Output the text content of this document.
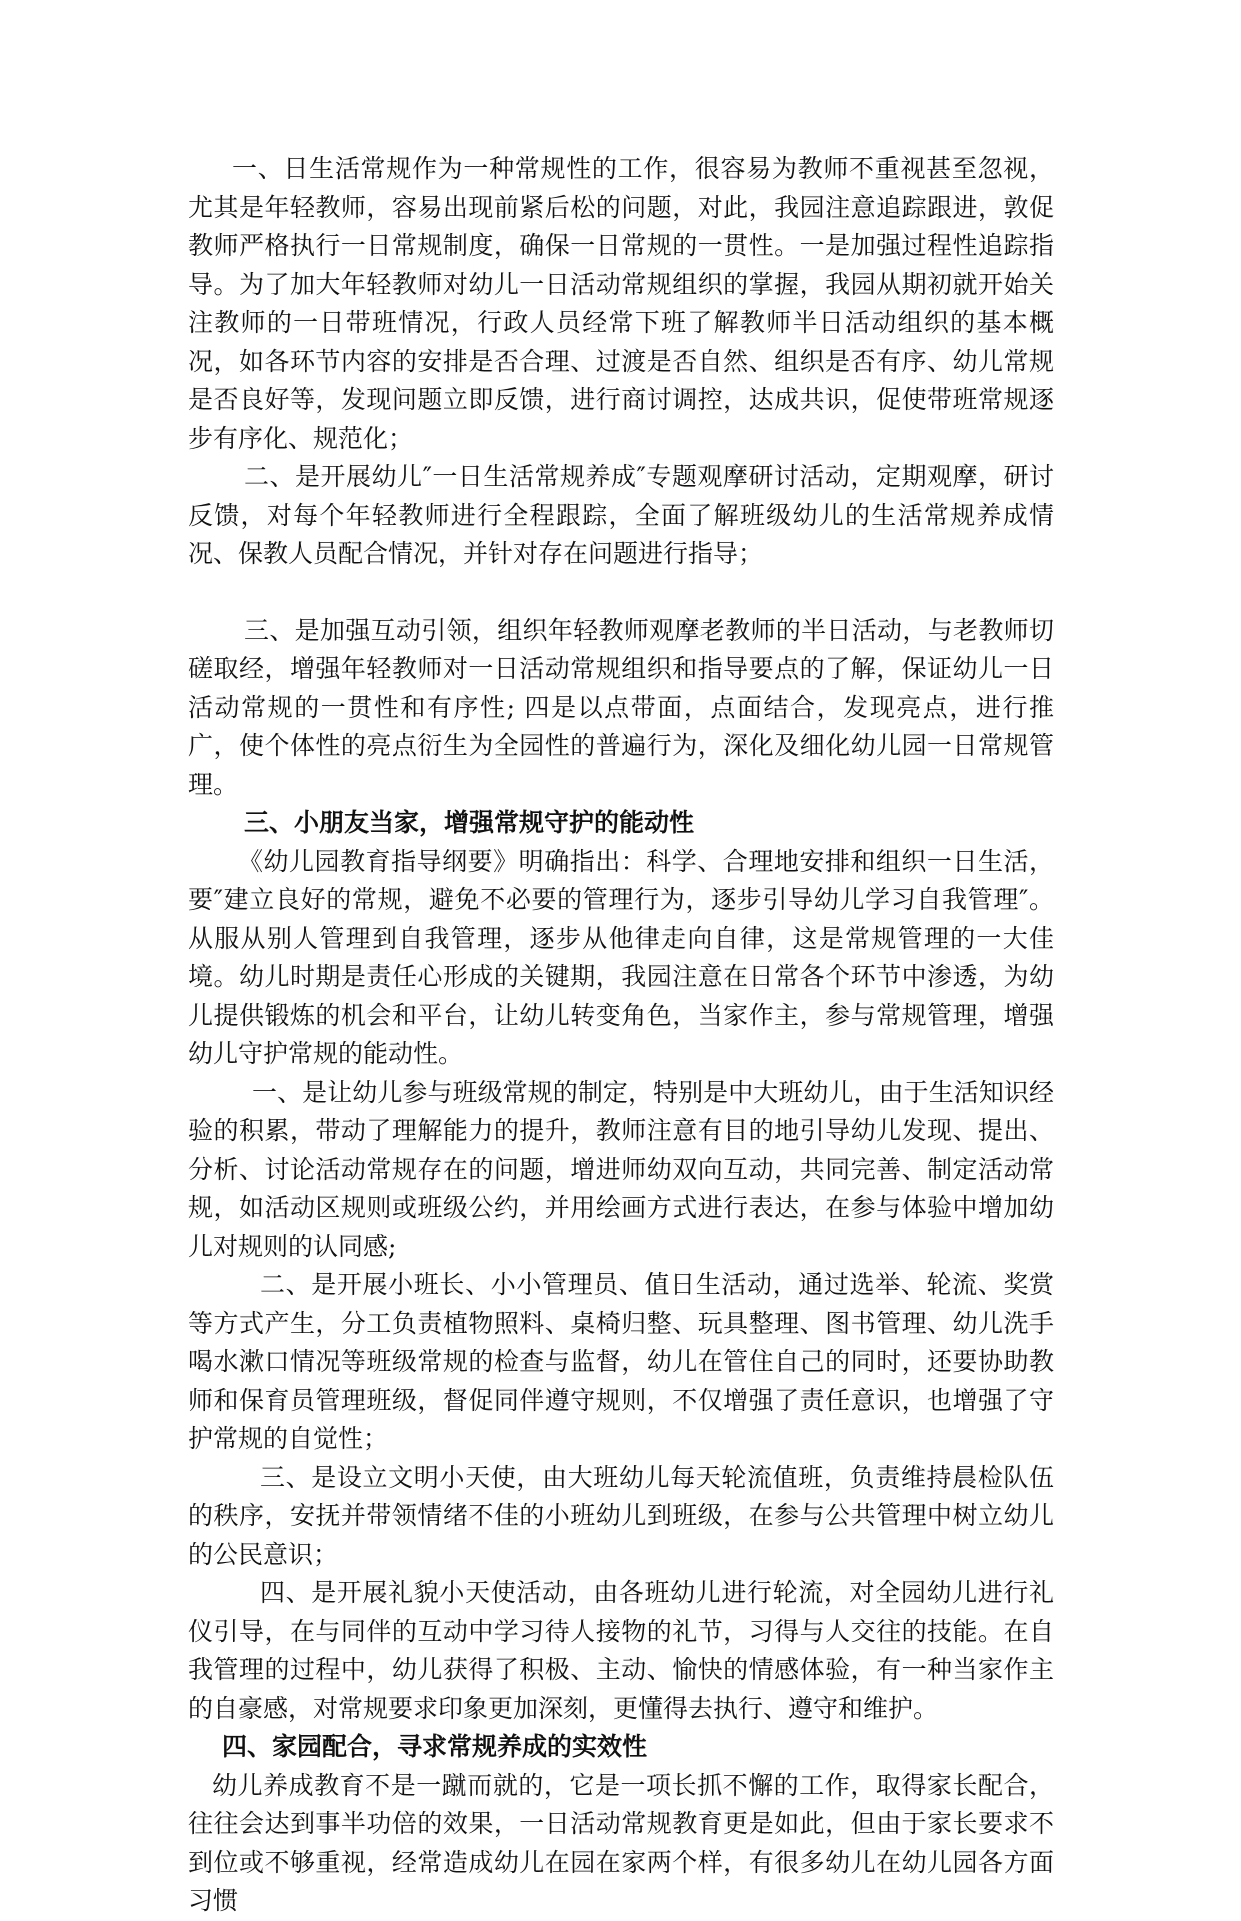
一、日生活常规作为一种常规性的工作，很容易为教师不重视甚至忽视，尤其是年轻教师，容易出现前紧后松的问题，对此，我园注意追踪跟进，敦促教师严格执行一日常规制度，确保一日常规的一贯性。一是加强过程性追踪指导。为了加大年轻教师对幼儿一日活动常规组织的掌握，我园从期初就开始关注教师的一日带班情况，行政人员经常下班了解教师半日活动组织的基本概况，如各环节内容的安排是否合理、过渡是否自然、组织是否有序、幼儿常规是否良好等，发现问题立即反馈，进行商讨调控，达成共识，促使带班常规逐步有序化、规范化；

二、是开展幼儿″一日生活常规养成″专题观摩研讨活动，定期观摩，研讨反馈，对每个年轻教师进行全程跟踪，全面了解班级幼儿的生活常规养成情况、保教人员配合情况，并针对存在问题进行指导；

三、是加强互动引领，组织年轻教师观摩老教师的半日活动，与老教师切磋取经，增强年轻教师对一日活动常规组织和指导要点的了解，保证幼儿一日活动常规的一贯性和有序性; 四是以点带面，点面结合，发现亮点，进行推广，使个体性的亮点衍生为全园性的普遍行为，深化及细化幼儿园一日常规管理。

三、小朋友当家，增强常规守护的能动性

《幼儿园教育指导纲要》明确指出：科学、合理地安排和组织一日生活，要″建立良好的常规，避免不必要的管理行为，逐步引导幼儿学习自我管理″。从服从别人管理到自我管理，逐步从他律走向自律，这是常规管理的一大佳境。幼儿时期是责任心形成的关键期，我园注意在日常各个环节中渗透，为幼儿提供锻炼的机会和平台，让幼儿转变角色，当家作主，参与常规管理，增强幼儿守护常规的能动性。

一、是让幼儿参与班级常规的制定，特别是中大班幼儿，由于生活知识经验的积累，带动了理解能力的提升，教师注意有目的地引导幼儿发现、提出、分析、讨论活动常规存在的问题，增进师幼双向互动，共同完善、制定活动常规，如活动区规则或班级公约，并用绘画方式进行表达，在参与体验中增加幼儿对规则的认同感;

二、是开展小班长、小小管理员、值日生活动，通过选举、轮流、奖赏等方式产生，分工负责植物照料、桌椅归整、玩具整理、图书管理、幼儿洗手喝水漱口情况等班级常规的检查与监督，幼儿在管住自己的同时，还要协助教师和保育员管理班级，督促同伴遵守规则，不仅增强了责任意识，也增强了守护常规的自觉性；

三、是设立文明小天使，由大班幼儿每天轮流值班，负责维持晨检队伍的秩序，安抚并带领情绪不佳的小班幼儿到班级，在参与公共管理中树立幼儿的公民意识；

四、是开展礼貌小天使活动，由各班幼儿进行轮流，对全园幼儿进行礼仪引导，在与同伴的互动中学习待人接物的礼节，习得与人交往的技能。在自我管理的过程中，幼儿获得了积极、主动、愉快的情感体验，有一种当家作主的自豪感，对常规要求印象更加深刻，更懂得去执行、遵守和维护。

四、家园配合，寻求常规养成的实效性

幼儿养成教育不是一蹴而就的，它是一项长抓不懈的工作，取得家长配合，往往会达到事半功倍的效果，一日活动常规教育更是如此，但由于家长要求不到位或不够重视，经常造成幼儿在园在家两个样，有很多幼儿在幼儿园各方面习惯
